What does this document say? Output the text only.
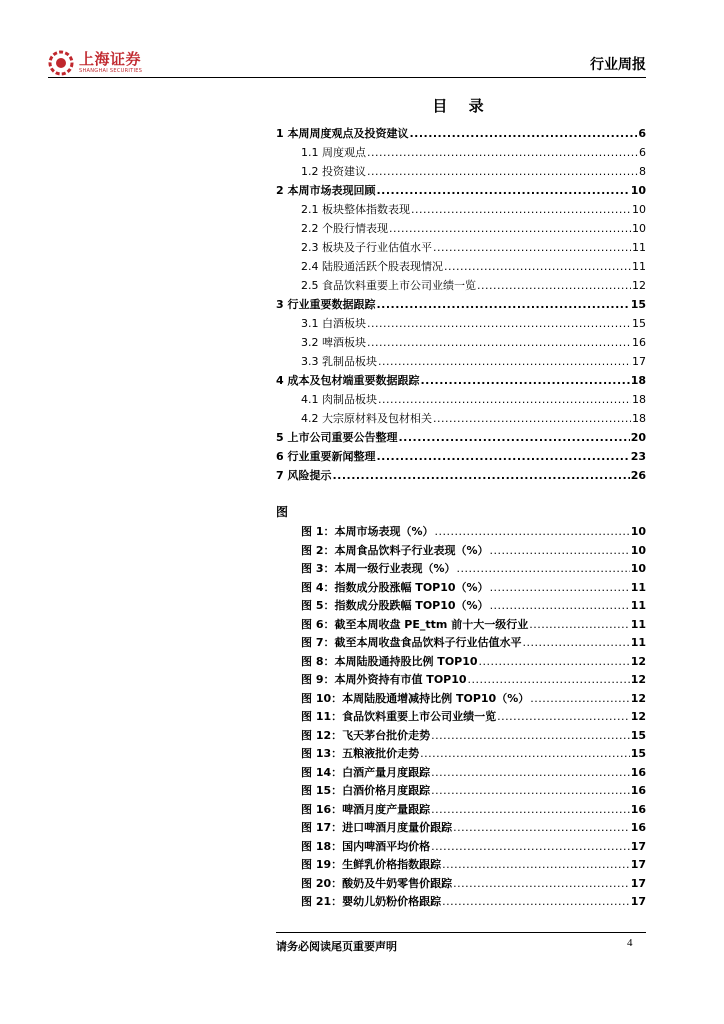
上海证券
SHANGHAI SECURITIES	行业周报
目 录
1 本周周度观点及投资建议 .....	6
1.1 周度观点 .....	6
1.2 投资建议 .....	8
2 本周市场表现回顾 .....	10
2.1 板块整体指数表现 .....	10
2.2 个股行情表现 .....	10
2.3 板块及子行业估值水平 .....	11
2.4 陆股通活跃个股表现情况 .....	11
2.5 食品饮料重要上市公司业绩一览 .....	12
3 行业重要数据跟踪 .....	15
3.1 白酒板块 .....	15
3.2 啤酒板块 .....	16
3.3 乳制品板块 .....	17
4 成本及包材端重要数据跟踪 .....	18
4.1 肉制品板块 .....	18
4.2 大宗原材料及包材相关 .....	18
5 上市公司重要公告整理 .....	20
6 行业重要新闻整理 .....	23
7 风险提示 .....	26
图
图 1：本周市场表现（%） .....	10
图 2：本周食品饮料子行业表现（%） .....	10
图 3：本周一级行业表现（%） .....	10
图 4：指数成分股涨幅 TOP10（%） .....	11
图 5：指数成分股跌幅 TOP10（%） .....	11
图 6：截至本周收盘 PE_ttm 前十大一级行业 .....	11
图 7：截至本周收盘食品饮料子行业估值水平 .....	11
图 8：本周陆股通持股比例 TOP10 .....	12
图 9：本周外资持有市值 TOP10 .....	12
图 10：本周陆股通增减持比例 TOP10（%） .....	12
图 11：食品饮料重要上市公司业绩一览 .....	12
图 12：飞天茅台批价走势 .....	15
图 13：五粮液批价走势 .....	15
图 14：白酒产量月度跟踪 .....	16
图 15：白酒价格月度跟踪 .....	16
图 16：啤酒月度产量跟踪 .....	16
图 17：进口啤酒月度量价跟踪 .....	16
图 18：国内啤酒平均价格 .....	17
图 19：生鲜乳价格指数跟踪 .....	17
图 20：酸奶及牛奶零售价跟踪 .....	17
图 21：婴幼儿奶粉价格跟踪 .....	17
请务必阅读尾页重要声明	4
